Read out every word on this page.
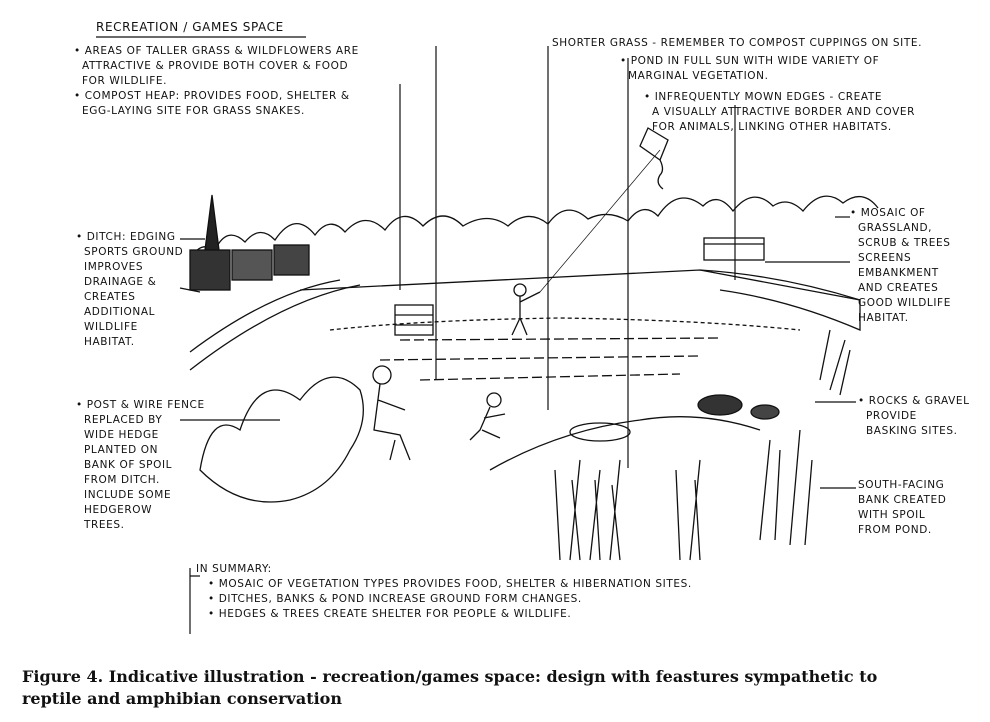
RECREATION / GAMES SPACE
• AREAS OF TALLER GRASS & WILDFLOWERS ARE
ATTRACTIVE & PROVIDE BOTH COVER & FOOD
FOR WILDLIFE.
• COMPOST HEAP: PROVIDES FOOD, SHELTER &
EGG-LAYING SITE FOR GRASS SNAKES.
• DITCH: EDGING
SPORTS GROUND
IMPROVES
DRAINAGE &
CREATES
ADDITIONAL
WILDLIFE
HABITAT.
• POST & WIRE FENCE
REPLACED BY
WIDE HEDGE
PLANTED ON
BANK OF SPOIL
FROM DITCH.
INCLUDE SOME
HEDGEROW
TREES.
SHORTER GRASS - REMEMBER TO COMPOST CUPPINGS ON SITE.
• POND IN FULL SUN WITH WIDE VARIETY OF
MARGINAL VEGETATION.
• INFREQUENTLY MOWN EDGES - CREATE
A VISUALLY ATTRACTIVE BORDER AND COVER
FOR ANIMALS, LINKING OTHER HABITATS.
• MOSAIC OF
GRASSLAND,
SCRUB & TREES
SCREENS
EMBANKMENT
AND CREATES
GOOD WILDLIFE
HABITAT.
• ROCKS & GRAVEL
PROVIDE
BASKING SITES.
SOUTH-FACING
BANK CREATED
WITH SPOIL
FROM POND.
IN SUMMARY:
• MOSAIC OF VEGETATION TYPES PROVIDES FOOD, SHELTER & HIBERNATION SITES.
• DITCHES, BANKS & POND INCREASE GROUND FORM CHANGES.
• HEDGES & TREES CREATE SHELTER FOR PEOPLE & WILDLIFE.
Figure 4. Indicative illustration - recreation/games space: design with feastures sympathetic to
reptile and amphibian conservation
